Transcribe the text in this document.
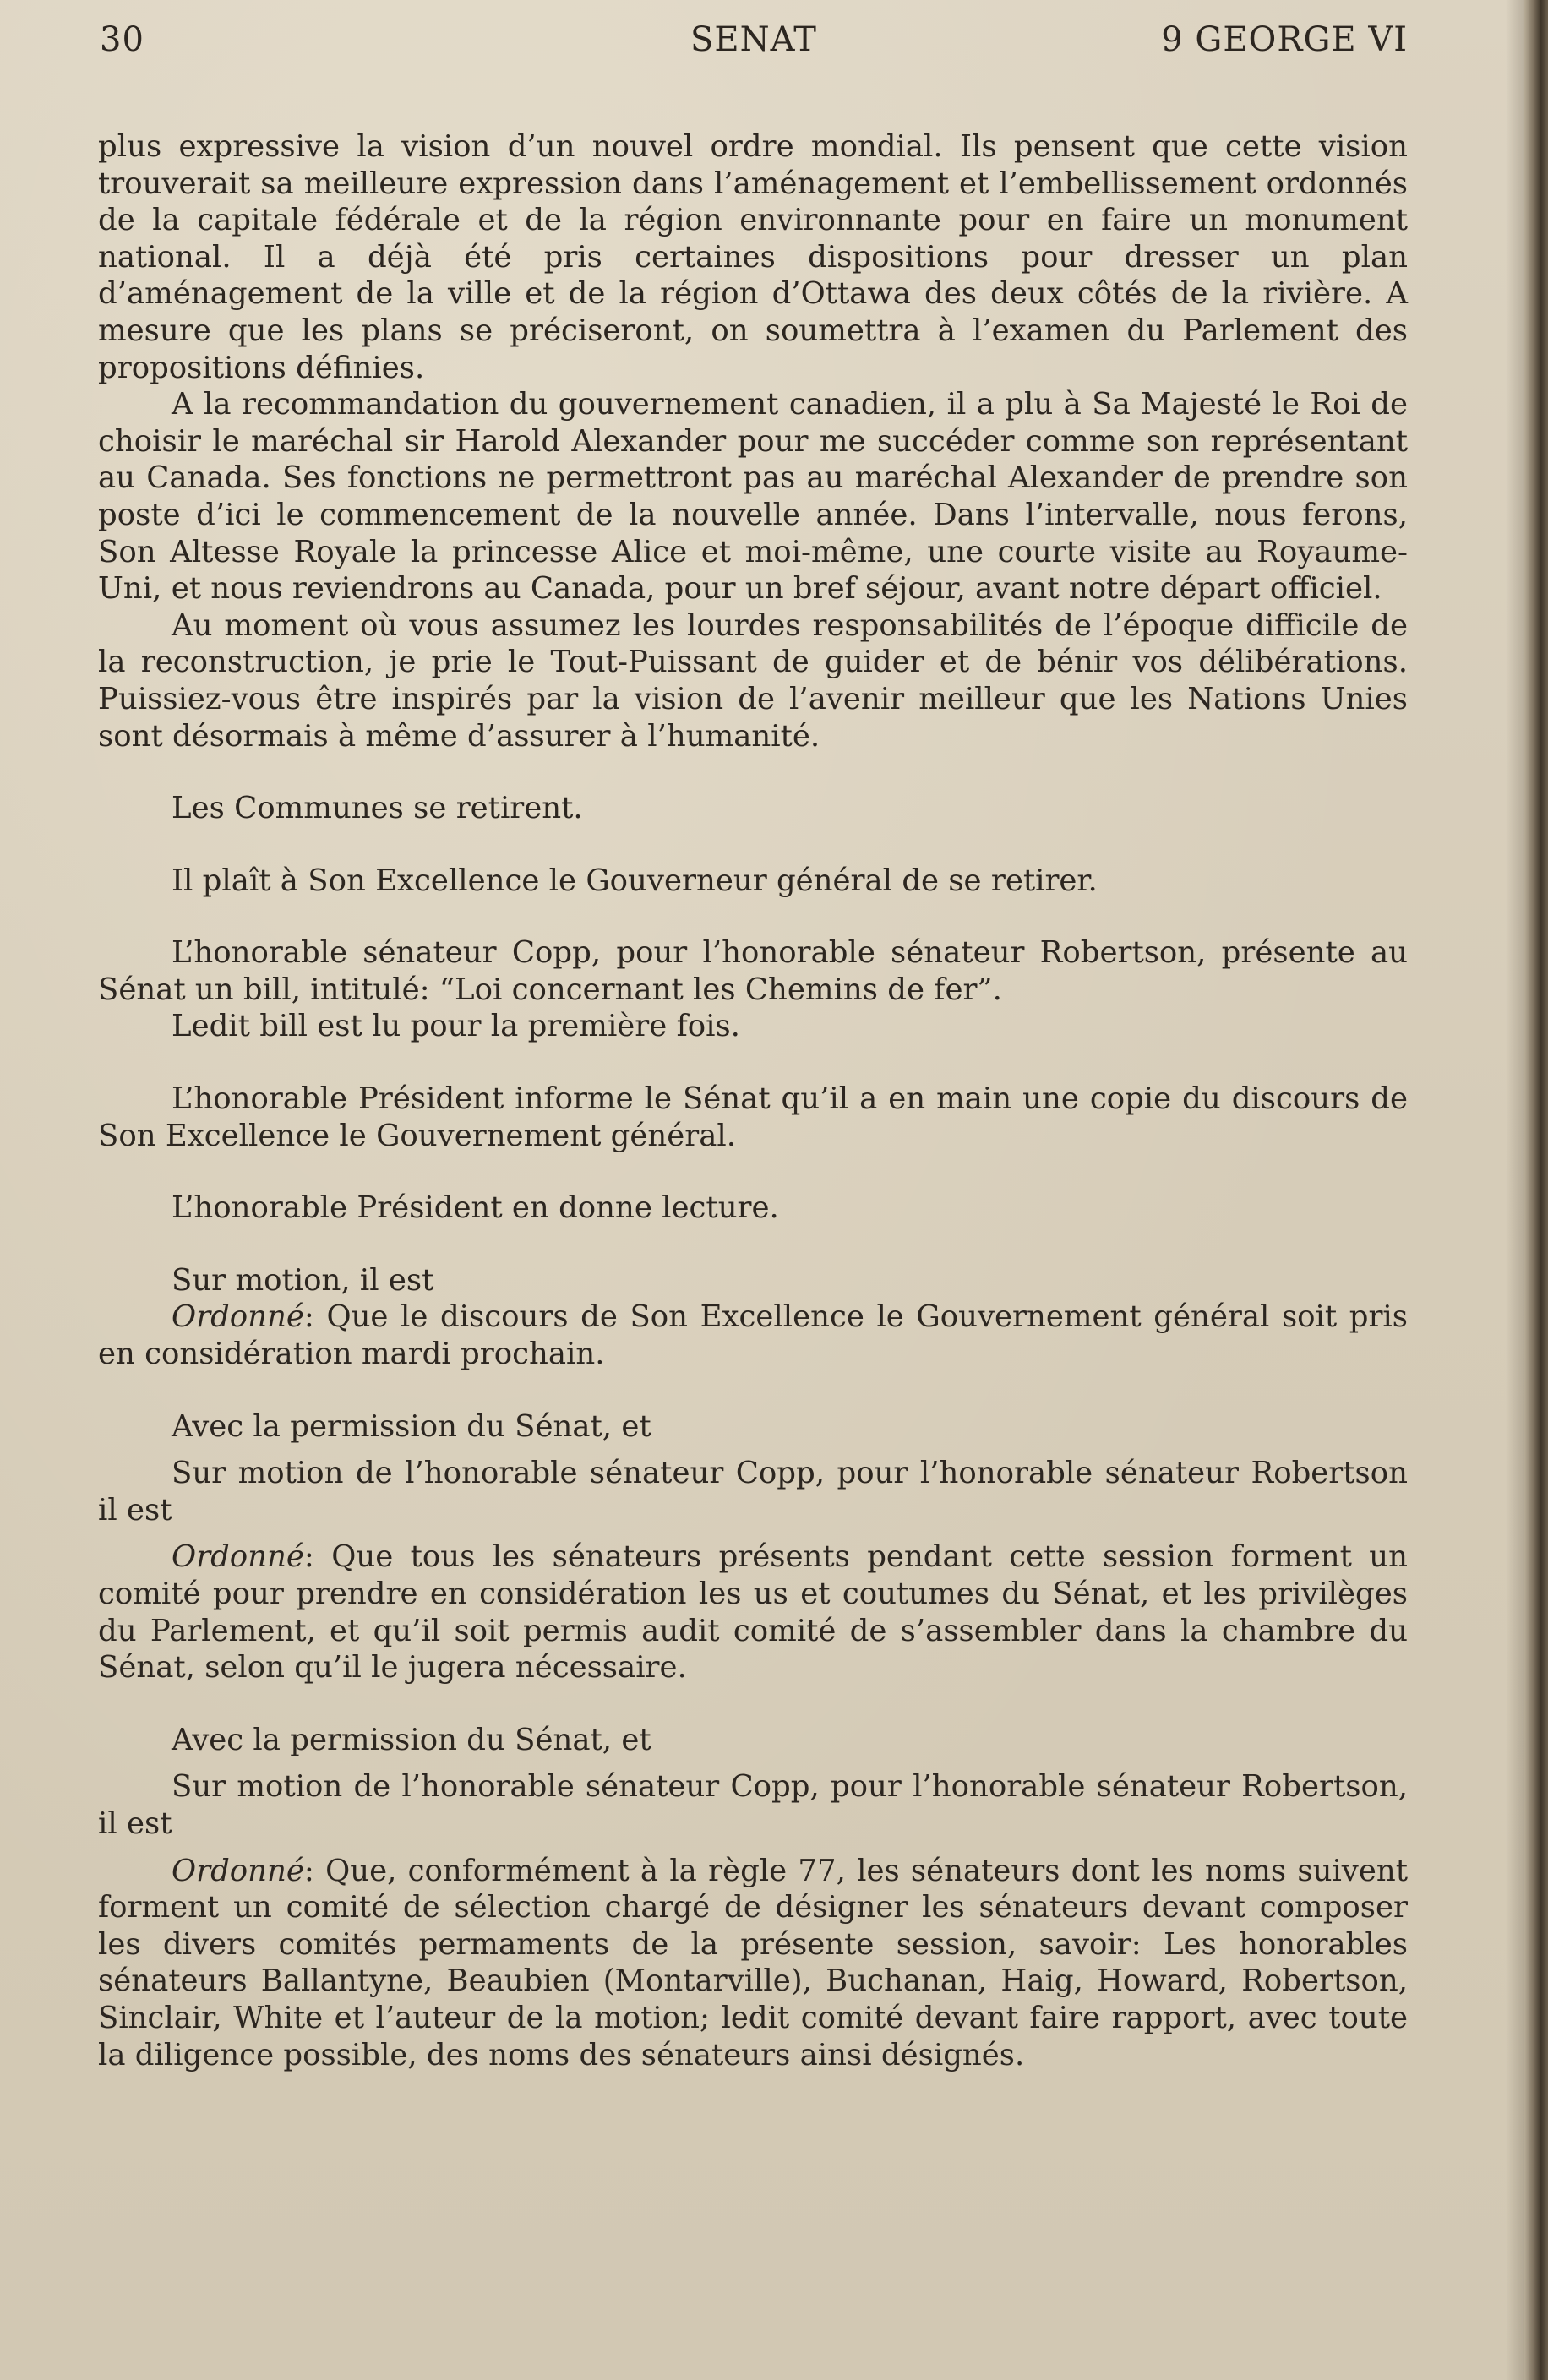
30	SENAT	9 GEORGE VI

plus expressive la vision d’un nouvel ordre mondial. Ils pensent que cette vision trouverait sa meilleure expression dans l’aménagement et l’embellissement ordonnés de la capitale fédérale et de la région environnante pour en faire un monument national. Il a déjà été pris certaines dispositions pour dresser un plan d’aménagement de la ville et de la région d’Ottawa des deux côtés de la rivière. A mesure que les plans se préciseront, on soumettra à l’examen du Parlement des propositions définies.

A la recommandation du gouvernement canadien, il a plu à Sa Majesté le Roi de choisir le maréchal sir Harold Alexander pour me succéder comme son représentant au Canada. Ses fonctions ne permettront pas au maréchal Alexander de prendre son poste d’ici le commencement de la nouvelle année. Dans l’intervalle, nous ferons, Son Altesse Royale la princesse Alice et moi-même, une courte visite au Royaume-Uni, et nous reviendrons au Canada, pour un bref séjour, avant notre départ officiel.

Au moment où vous assumez les lourdes responsabilités de l’époque difficile de la reconstruction, je prie le Tout-Puissant de guider et de bénir vos délibérations. Puissiez-vous être inspirés par la vision de l’avenir meilleur que les Nations Unies sont désormais à même d’assurer à l’humanité.

Les Communes se retirent.

Il plaît à Son Excellence le Gouverneur général de se retirer.

L’honorable sénateur Copp, pour l’honorable sénateur Robertson, présente au Sénat un bill, intitulé: “Loi concernant les Chemins de fer”.

Ledit bill est lu pour la première fois.

L’honorable Président informe le Sénat qu’il a en main une copie du discours de Son Excellence le Gouvernement général.

L’honorable Président en donne lecture.

Sur motion, il est

Ordonné: Que le discours de Son Excellence le Gouvernement général soit pris en considération mardi prochain.

Avec la permission du Sénat, et

Sur motion de l’honorable sénateur Copp, pour l’honorable sénateur Robertson il est

Ordonné: Que tous les sénateurs présents pendant cette session forment un comité pour prendre en considération les us et coutumes du Sénat, et les privilèges du Parlement, et qu’il soit permis audit comité de s’assembler dans la chambre du Sénat, selon qu’il le jugera nécessaire.

Avec la permission du Sénat, et

Sur motion de l’honorable sénateur Copp, pour l’honorable sénateur Robertson, il est

Ordonné: Que, conformément à la règle 77, les sénateurs dont les noms suivent forment un comité de sélection chargé de désigner les sénateurs devant composer les divers comités permaments de la présente session, savoir: Les honorables sénateurs Ballantyne, Beaubien (Montarville), Buchanan, Haig, Howard, Robertson, Sinclair, White et l’auteur de la motion; ledit comité devant faire rapport, avec toute la diligence possible, des noms des sénateurs ainsi désignés.
